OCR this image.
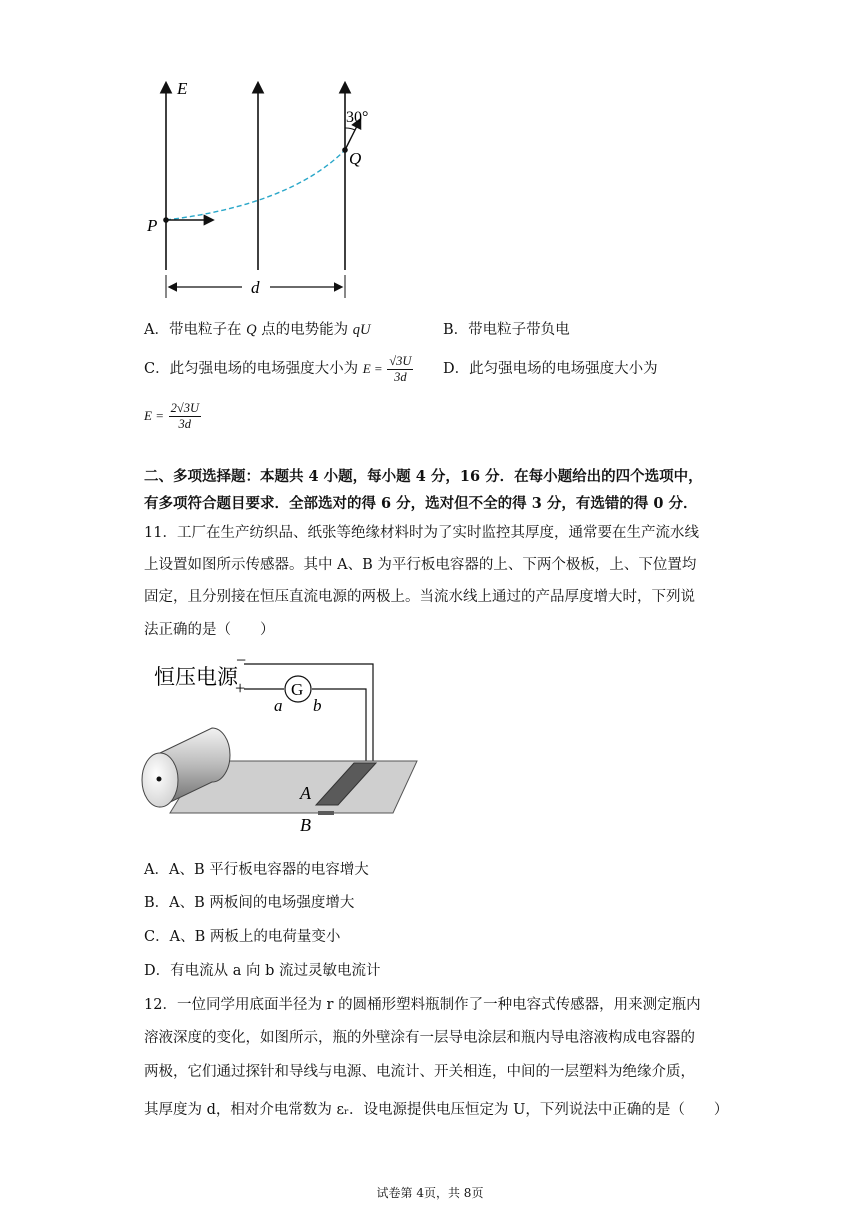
E
30°
Q
P
d
A．带电粒子在 Q 点的电势能为 qU	B．带电粒子带负电
C．此匀强电场的电场强度大小为 $E = \frac{√3U}{3d}$ D．此匀强电场的电场强度大小为
$E = \frac{2√3U}{3d}$
二、多项选择题：本题共 4 小题，每小题 4 分，16 分．在每小题给出的四个选项中，
有多项符合题目要求．全部选对的得 6 分，选对但不全的得 3 分，有选错的得 0 分．
11．工厂在生产纺织品、纸张等绝缘材料时为了实时监控其厚度，通常要在生产流水线
上设置如图所示传感器。其中 A、B 为平行板电容器的上、下两个极板，上、下位置均
固定，且分别接在恒压直流电源的两极上。当流水线上通过的产品厚度增大时，下列说
法正确的是（　　）
G
恒压电源
−
+
a b
A
B
A．A、B 平行板电容器的电容增大
B．A、B 两板间的电场强度增大
C．A、B 两板上的电荷量变小
D．有电流从 a 向 b 流过灵敏电流计
12．一位同学用底面半径为 r 的圆桶形塑料瓶制作了一种电容式传感器，用来测定瓶内
溶液深度的变化，如图所示，瓶的外壁涂有一层导电涂层和瓶内导电溶液构成电容器的
两极，它们通过探针和导线与电源、电流计、开关相连，中间的一层塑料为绝缘介质，
其厚度为 d，相对介电常数为 εᵣ．设电源提供电压恒定为 U，下列说法中正确的是（　　）
试卷第 4页，共 8页
